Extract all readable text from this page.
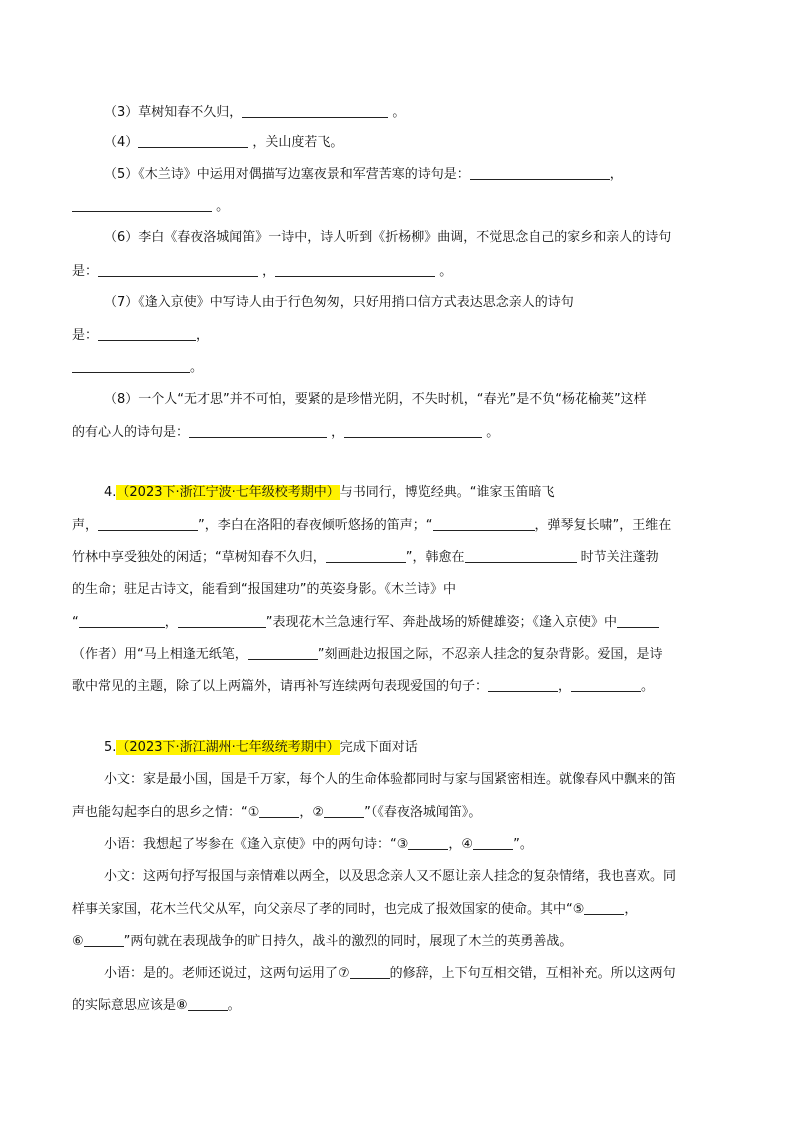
（3）草树知春不久归，	。
（4）	，关山度若飞。
（5）《木兰诗》中运用对偶描写边塞夜景和军营苦寒的诗句是：	，
。
（6）李白《春夜洛城闻笛》一诗中，诗人听到《折杨柳》曲调，不觉思念自己的家乡和亲人的诗句
是：	，	。
（7）《逢入京使》中写诗人由于行色匆匆，只好用捎口信方式表达思念亲人的诗句
是：	，
。
（8）一个人“无才思”并不可怕，要紧的是珍惜光阴，不失时机，“春光”是不负“杨花榆荚”这样
的有心人的诗句是：	，	。
4.（2023下·浙江宁波·七年级校考期中）与书同行，博览经典。“谁家玉笛暗飞
声，	”，李白在洛阳的春夜倾听悠扬的笛声；“	，弹琴复长啸”，王维在
竹林中享受独处的闲适；“草树知春不久归，	”，韩愈在	时节关注蓬勃
的生命；驻足古诗文，能看到“报国建功”的英姿身影。《木兰诗》中
“	，	”表现花木兰急速行军、奔赴战场的矫健雄姿；《逢入京使》中
（作者）用“马上相逢无纸笔，	”刻画赴边报国之际，不忍亲人挂念的复杂背影。爱国，是诗
歌中常见的主题，除了以上两篇外，请再补写连续两句表现爱国的句子：	，	。
5.（2023下·浙江湖州·七年级统考期中）完成下面对话
小文：家是最小国，国是千万家，每个人的生命体验都同时与家与国紧密相连。就像春风中飘来的笛
声也能勾起李白的思乡之情：“①	，②	”（《春夜洛城闻笛》。
小语：我想起了岑参在《逢入京使》中的两句诗：“③	，④	”。
小文：这两句抒写报国与亲情难以两全，以及思念亲人又不愿让亲人挂念的复杂情绪，我也喜欢。同
样事关家国，花木兰代父从军，向父亲尽了孝的同时，也完成了报效国家的使命。其中“⑤	，
⑥	”两句就在表现战争的旷日持久，战斗的激烈的同时，展现了木兰的英勇善战。
小语：是的。老师还说过，这两句运用了⑦	的修辞，上下句互相交错，互相补充。所以这两句
的实际意思应该是⑧	。
